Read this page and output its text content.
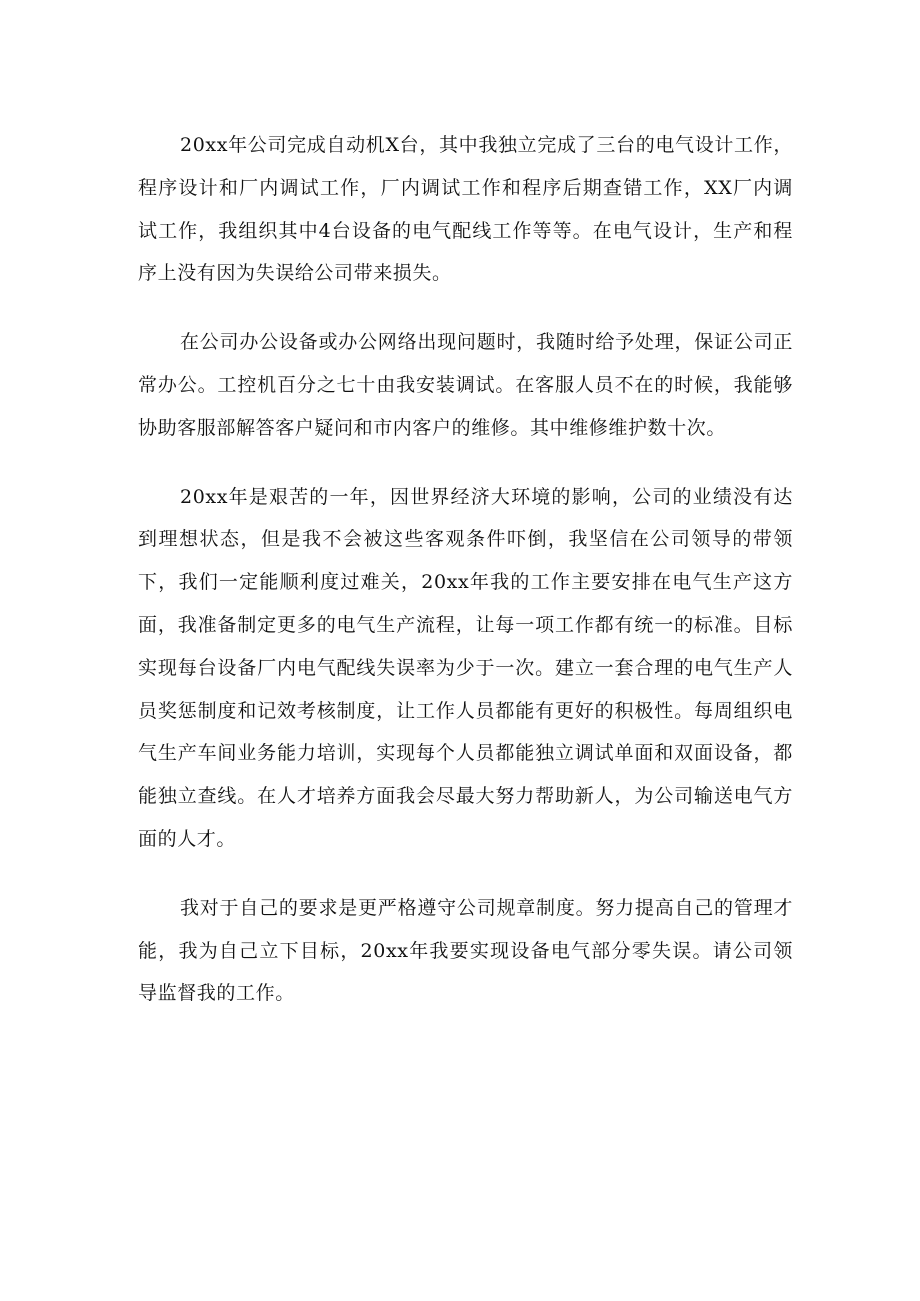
20xx年公司完成自动机X台，其中我独立完成了三台的电气设计工作，程序设计和厂内调试工作，厂内调试工作和程序后期查错工作，XX厂内调试工作，我组织其中4台设备的电气配线工作等等。在电气设计，生产和程序上没有因为失误给公司带来损失。

在公司办公设备或办公网络出现问题时，我随时给予处理，保证公司正常办公。工控机百分之七十由我安装调试。在客服人员不在的时候，我能够协助客服部解答客户疑问和市内客户的维修。其中维修维护数十次。

20xx年是艰苦的一年，因世界经济大环境的影响，公司的业绩没有达到理想状态，但是我不会被这些客观条件吓倒，我坚信在公司领导的带领下，我们一定能顺利度过难关，20xx年我的工作主要安排在电气生产这方面，我准备制定更多的电气生产流程，让每一项工作都有统一的标准。目标实现每台设备厂内电气配线失误率为少于一次。建立一套合理的电气生产人员奖惩制度和记效考核制度，让工作人员都能有更好的积极性。每周组织电气生产车间业务能力培训，实现每个人员都能独立调试单面和双面设备，都能独立查线。在人才培养方面我会尽最大努力帮助新人，为公司输送电气方面的人才。

我对于自己的要求是更严格遵守公司规章制度。努力提高自己的管理才能，我为自己立下目标，20xx年我要实现设备电气部分零失误。请公司领导监督我的工作。
